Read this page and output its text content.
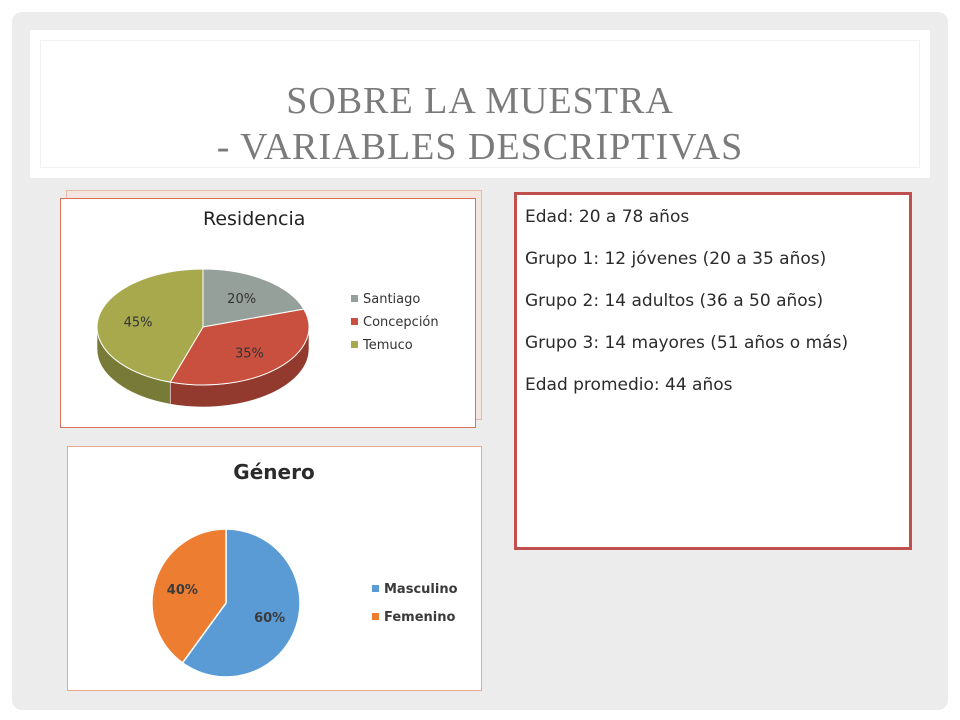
SOBRE LA MUESTRA
- VARIABLES DESCRIPTIVAS
Residencia
20%
35%
45%
Santiago
Concepción
Temuco
Género
60%
40%	Masculino
Femenino

Edad: 20 a 78 años

Grupo 1: 12 jóvenes (20 a 35 años)

Grupo 2: 14 adultos (36 a 50 años)

Grupo 3: 14 mayores (51 años o más)

Edad promedio: 44 años
